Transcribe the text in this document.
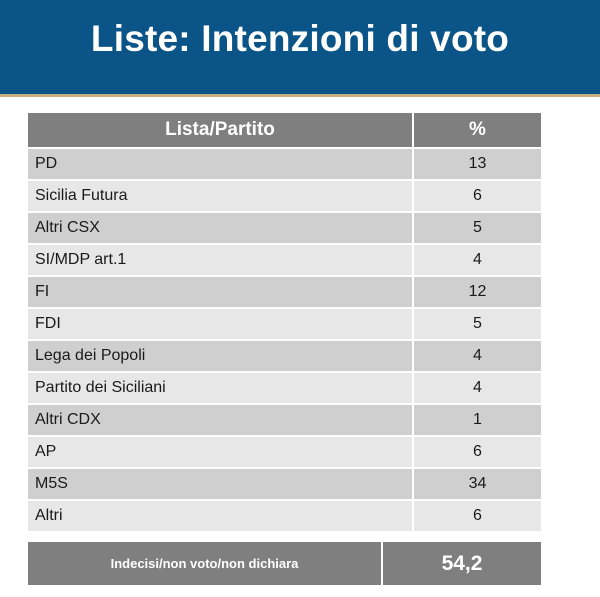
Liste: Intenzioni di voto
Lista/Partito	%
PD	13
Sicilia Futura	6
Altri CSX	5
SI/MDP art.1	4
FI	12
FDI	5
Lega dei Popoli	4
Partito dei Siciliani	4
Altri CDX	1
AP	6
M5S	34
Altri	6
Indecisi/non voto/non dichiara	54,2
